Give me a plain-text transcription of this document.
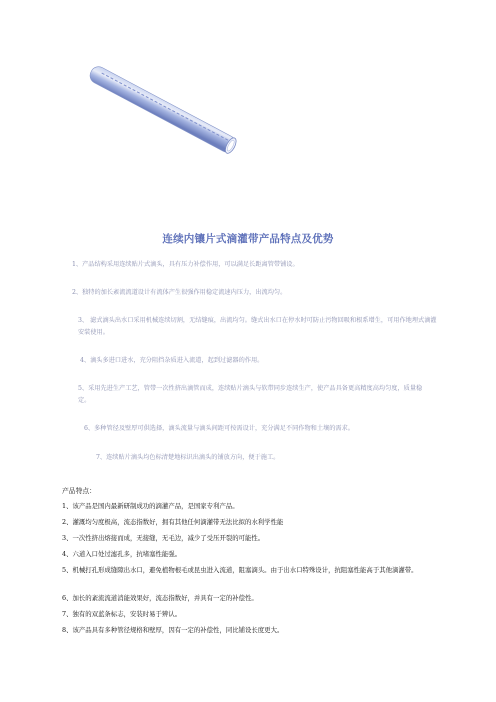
连续内镶片式滴灌带产品特点及优势

1、产品结构采用连续贴片式滴头，具有压力补偿作用，可以满足长距离管带铺设。

2、独特的加长紊流流道设计有流体产生很强作用稳定流速内压力，出流均匀。

3、 滤式滴头出水口采用机械连续切割，无结缝痕，出流均匀。缝式出水口在停水时可防止污物回吸和根系增生，可用作地埋式滴灌安装使用。

4、滴头多进口进水，充分阻挡杂质进入流道，起到过滤器的作用。

5、采用先进生产工艺，管带一次性挤出滴管而成，连续贴片滴头与软带同步连续生产，使产品具备更高精度高均匀度，质量稳定。

6、多种管径及壁厚可供选择，滴头流量与滴头间距可按需设计，充分满足不同作物和土壤的需求。

7、连续贴片滴头均色标清楚地标识出滴头的铺放方向，便于施工。

产品特点：

1、该产品是国内最新研制成功的滴灌产品，是国家专利产品。

2、灌溉均匀度极高，流态指数好，拥有其他任何滴灌带无法比拟的水利学性能

3、一次性挤出熔接而成，无接缝，无毛边，减少了受压开裂的可能性。

4、六道入口处过滤孔多，抗堵塞性能强。

5、机械打孔形成缝隙出水口，避免植物根毛或昆虫进入流道，阻塞滴头。由于出水口特殊设计，抗阻塞性能高于其他滴灌带。

6、加长的紊流流道消能效果好，流态指数好，并具有一定的补偿性。

7、独有的双蓝条标志，安装时易于辨认。

8、该产品具有多种管径规格和壁厚，因有一定的补偿性，同比铺设长度更大。
